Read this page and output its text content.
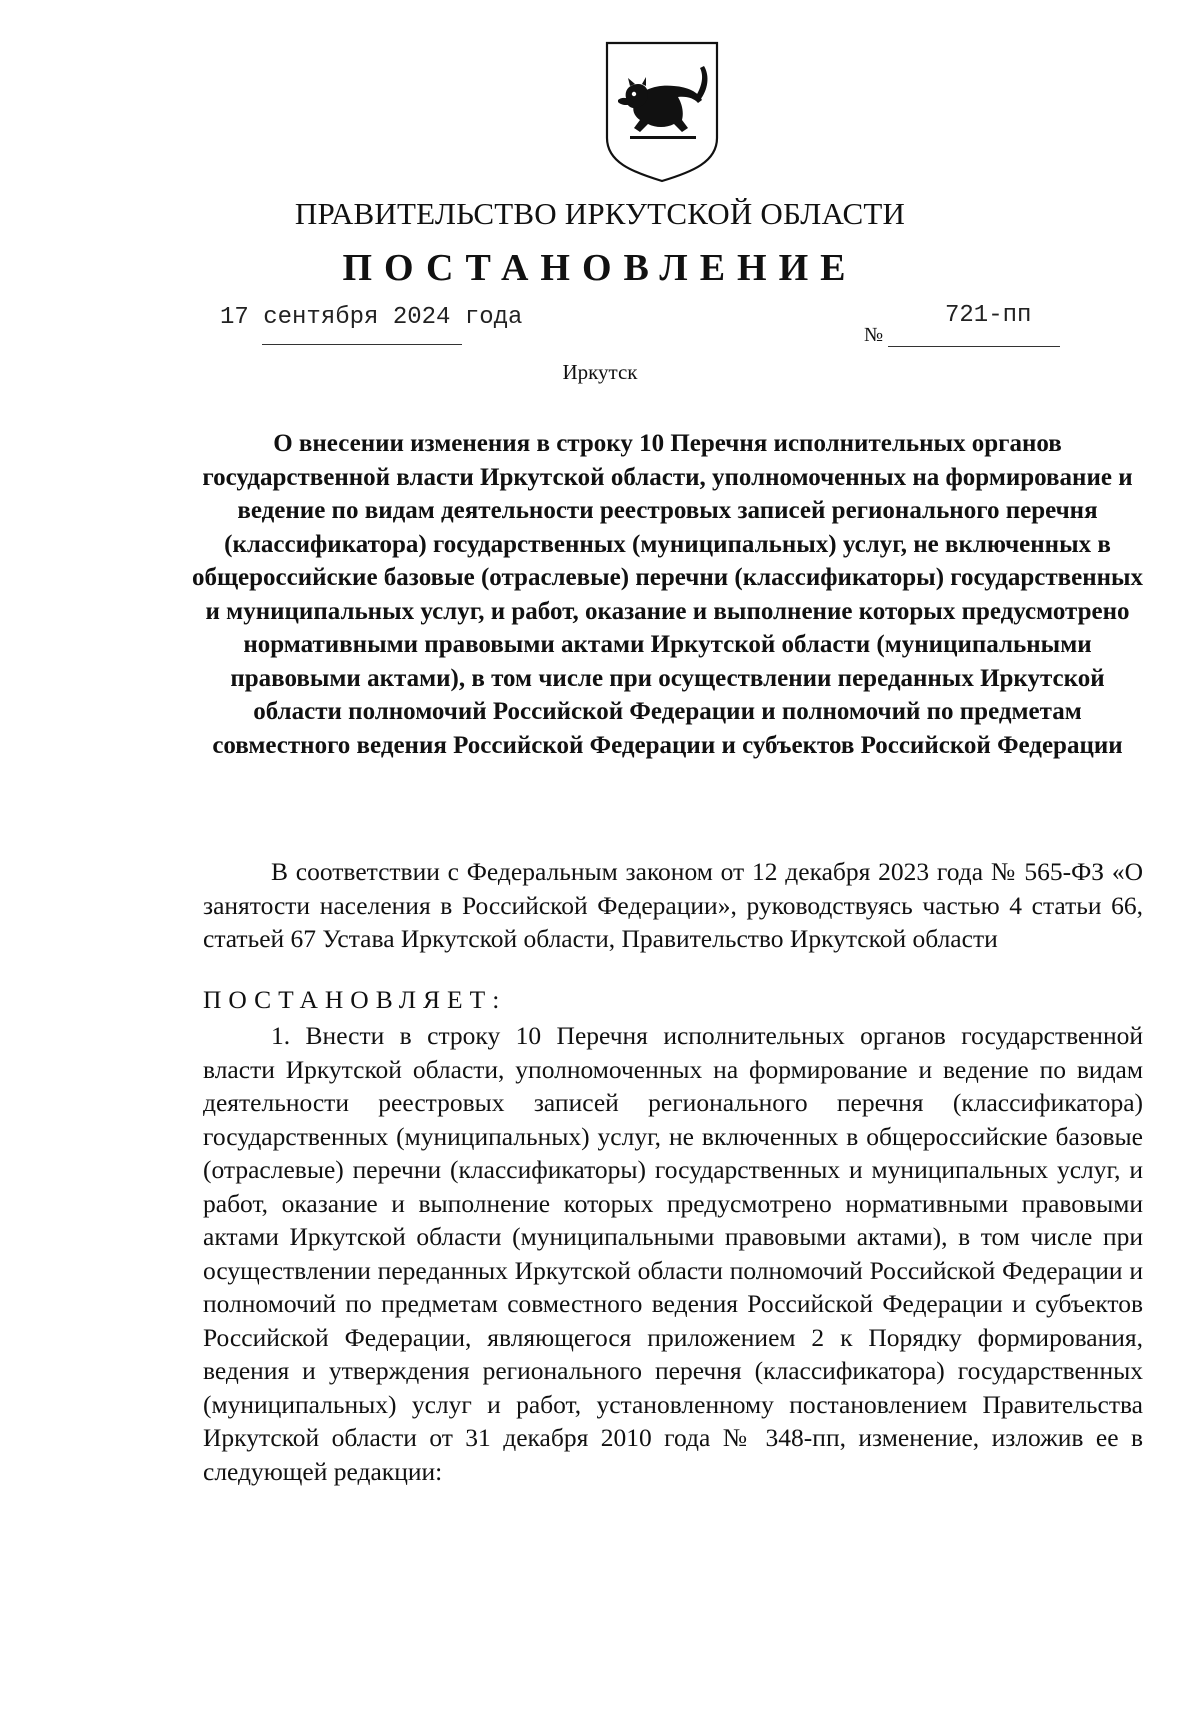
ПРАВИТЕЛЬСТВО ИРКУТСКОЙ ОБЛАСТИ
ПОСТАНОВЛЕНИЕ
17 сентября 2024 года
№
721-пп
Иркутск
О внесении изменения в строку 10 Перечня исполнительных органов государственной власти Иркутской области, уполномоченных на формирование и ведение по видам деятельности реестровых записей регионального перечня (классификатора) государственных (муниципальных) услуг, не включенных в общероссийские базовые (отраслевые) перечни (классификаторы) государственных и муниципальных услуг, и работ, оказание и выполнение которых предусмотрено нормативными правовыми актами Иркутской области (муниципальными правовыми актами), в том числе при осуществлении переданных Иркутской области полномочий Российской Федерации и полномочий по предметам совместного ведения Российской Федерации и субъектов Российской Федерации
В соответствии с Федеральным законом от 12 декабря 2023 года № 565-ФЗ «О занятости населения в Российской Федерации», руководствуясь частью 4 статьи 66, статьей 67 Устава Иркутской области, Правительство Иркутской области
ПОСТАНОВЛЯЕТ:
1. Внести в строку 10 Перечня исполнительных органов государственной власти Иркутской области, уполномоченных на формирование и ведение по видам деятельности реестровых записей регионального перечня (классификатора) государственных (муниципальных) услуг, не включенных в общероссийские базовые (отраслевые) перечни (классификаторы) государственных и муниципальных услуг, и работ, оказание и выполнение которых предусмотрено нормативными правовыми актами Иркутской области (муниципальными правовыми актами), в том числе при осуществлении переданных Иркутской области полномочий Российской Федерации и полномочий по предметам совместного ведения Российской Федерации и субъектов Российской Федерации, являющегося приложением 2 к Порядку формирования, ведения и утверждения регионального перечня (классификатора) государственных (муниципальных) услуг и работ, установленному постановлением Правительства Иркутской области от 31 декабря 2010 года № 348-пп, изменение, изложив ее в следующей редакции:
